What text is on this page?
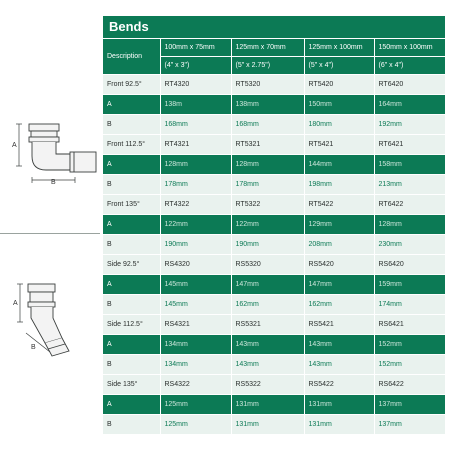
A
B
A
B
Bends
Description	100mm x 75mm	125mm x 70mm	125mm x 100mm	150mm x 100mm
	(4" x 3")	(5" x 2.75")	(5" x 4")	(6" x 4")
Front 92.5°	RT4320	RT5320	RT5420	RT6420
A	138m	138mm	150mm	164mm
B	168mm	168mm	180mm	192mm
Front 112.5°	RT4321	RT5321	RT5421	RT6421
A	128mm	128mm	144mm	158mm
B	178mm	178mm	198mm	213mm
Front 135°	RT4322	RT5322	RT5422	RT6422
A	122mm	122mm	129mm	128mm
B	190mm	190mm	208mm	230mm
Side 92.5°	RS4320	RS5320	RS5420	RS6420
A	145mm	147mm	147mm	159mm
B	145mm	162mm	162mm	174mm
Side 112.5°	RS4321	RS5321	RS5421	RS6421
A	134mm	143mm	143mm	152mm
B	134mm	143mm	143mm	152mm
Side 135°	RS4322	RS5322	RS5422	RS6422
A	125mm	131mm	131mm	137mm
B	125mm	131mm	131mm	137mm
